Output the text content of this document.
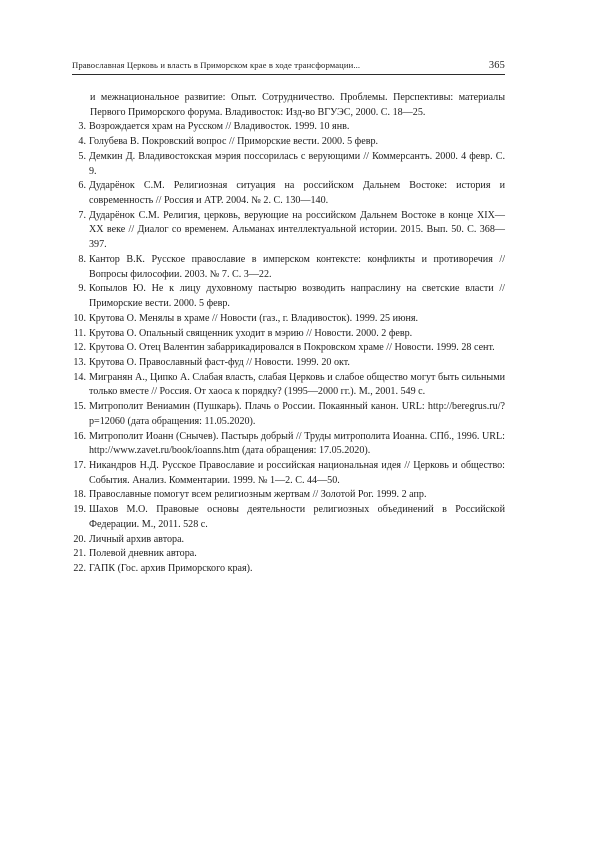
Православная Церковь и власть в Приморском крае в ходе трансформации...	365

и межнациональное развитие: Опыт. Сотрудничество. Проблемы. Перспективы: материалы Первого Приморского форума. Владивосток: Изд-во ВГУЭС, 2000. С. 18—25.

3. Возрождается храм на Русском // Владивосток. 1999. 10 янв.
4. Голубева В. Покровский вопрос // Приморские вести. 2000. 5 февр.
5. Демкин Д. Владивостокская мэрия поссорилась с верующими // Коммерсантъ. 2000. 4 февр. С. 9.
6. Дударёнок С.М. Религиозная ситуация на российском Дальнем Востоке: история и современность // Россия и АТР. 2004. № 2. С. 130—140.
7. Дударёнок С.М. Религия, церковь, верующие на российском Дальнем Востоке в конце XIX—XX веке // Диалог со временем. Альманах интеллектуальной истории. 2015. Вып. 50. С. 368—397.
8. Кантор В.К. Русское православие в имперском контексте: конфликты и противоречия // Вопросы философии. 2003. № 7. С. 3—22.
9. Копылов Ю. Не к лицу духовному пастырю возводить напраслину на светские власти // Приморские вести. 2000. 5 февр.
10. Крутова О. Менялы в храме // Новости (газ., г. Владивосток). 1999. 25 июня.
11. Крутова О. Опальный священник уходит в мэрию // Новости. 2000. 2 февр.
12. Крутова О. Отец Валентин забаррикадировался в Покровском храме // Новости. 1999. 28 сент.
13. Крутова О. Православный фаст-фуд // Новости. 1999. 20 окт.
14. Мигранян А., Ципко А. Слабая власть, слабая Церковь и слабое общество могут быть сильными только вместе // Россия. От хаоса к порядку? (1995—2000 гг.). М., 2001. 549 с.
15. Митрополит Вениамин (Пушкарь). Плачь о России. Покаянный канон. URL: http://beregrus.ru/?p=12060 (дата обращения: 11.05.2020).
16. Митрополит Иоанн (Снычев). Пастырь добрый // Труды митрополита Иоанна. СПб., 1996. URL: http://www.zavet.ru/book/ioanns.htm (дата обращения: 17.05.2020).
17. Никандров Н.Д. Русское Православие и российская национальная идея // Церковь и общество: События. Анализ. Комментарии. 1999. № 1—2. С. 44—50.
18. Православные помогут всем религиозным жертвам // Золотой Рог. 1999. 2 апр.
19. Шахов М.О. Правовые основы деятельности религиозных объединений в Российской Федерации. М., 2011. 528 с.
20. Личный архив автора.
21. Полевой дневник автора.
22. ГАПК (Гос. архив Приморского края).
